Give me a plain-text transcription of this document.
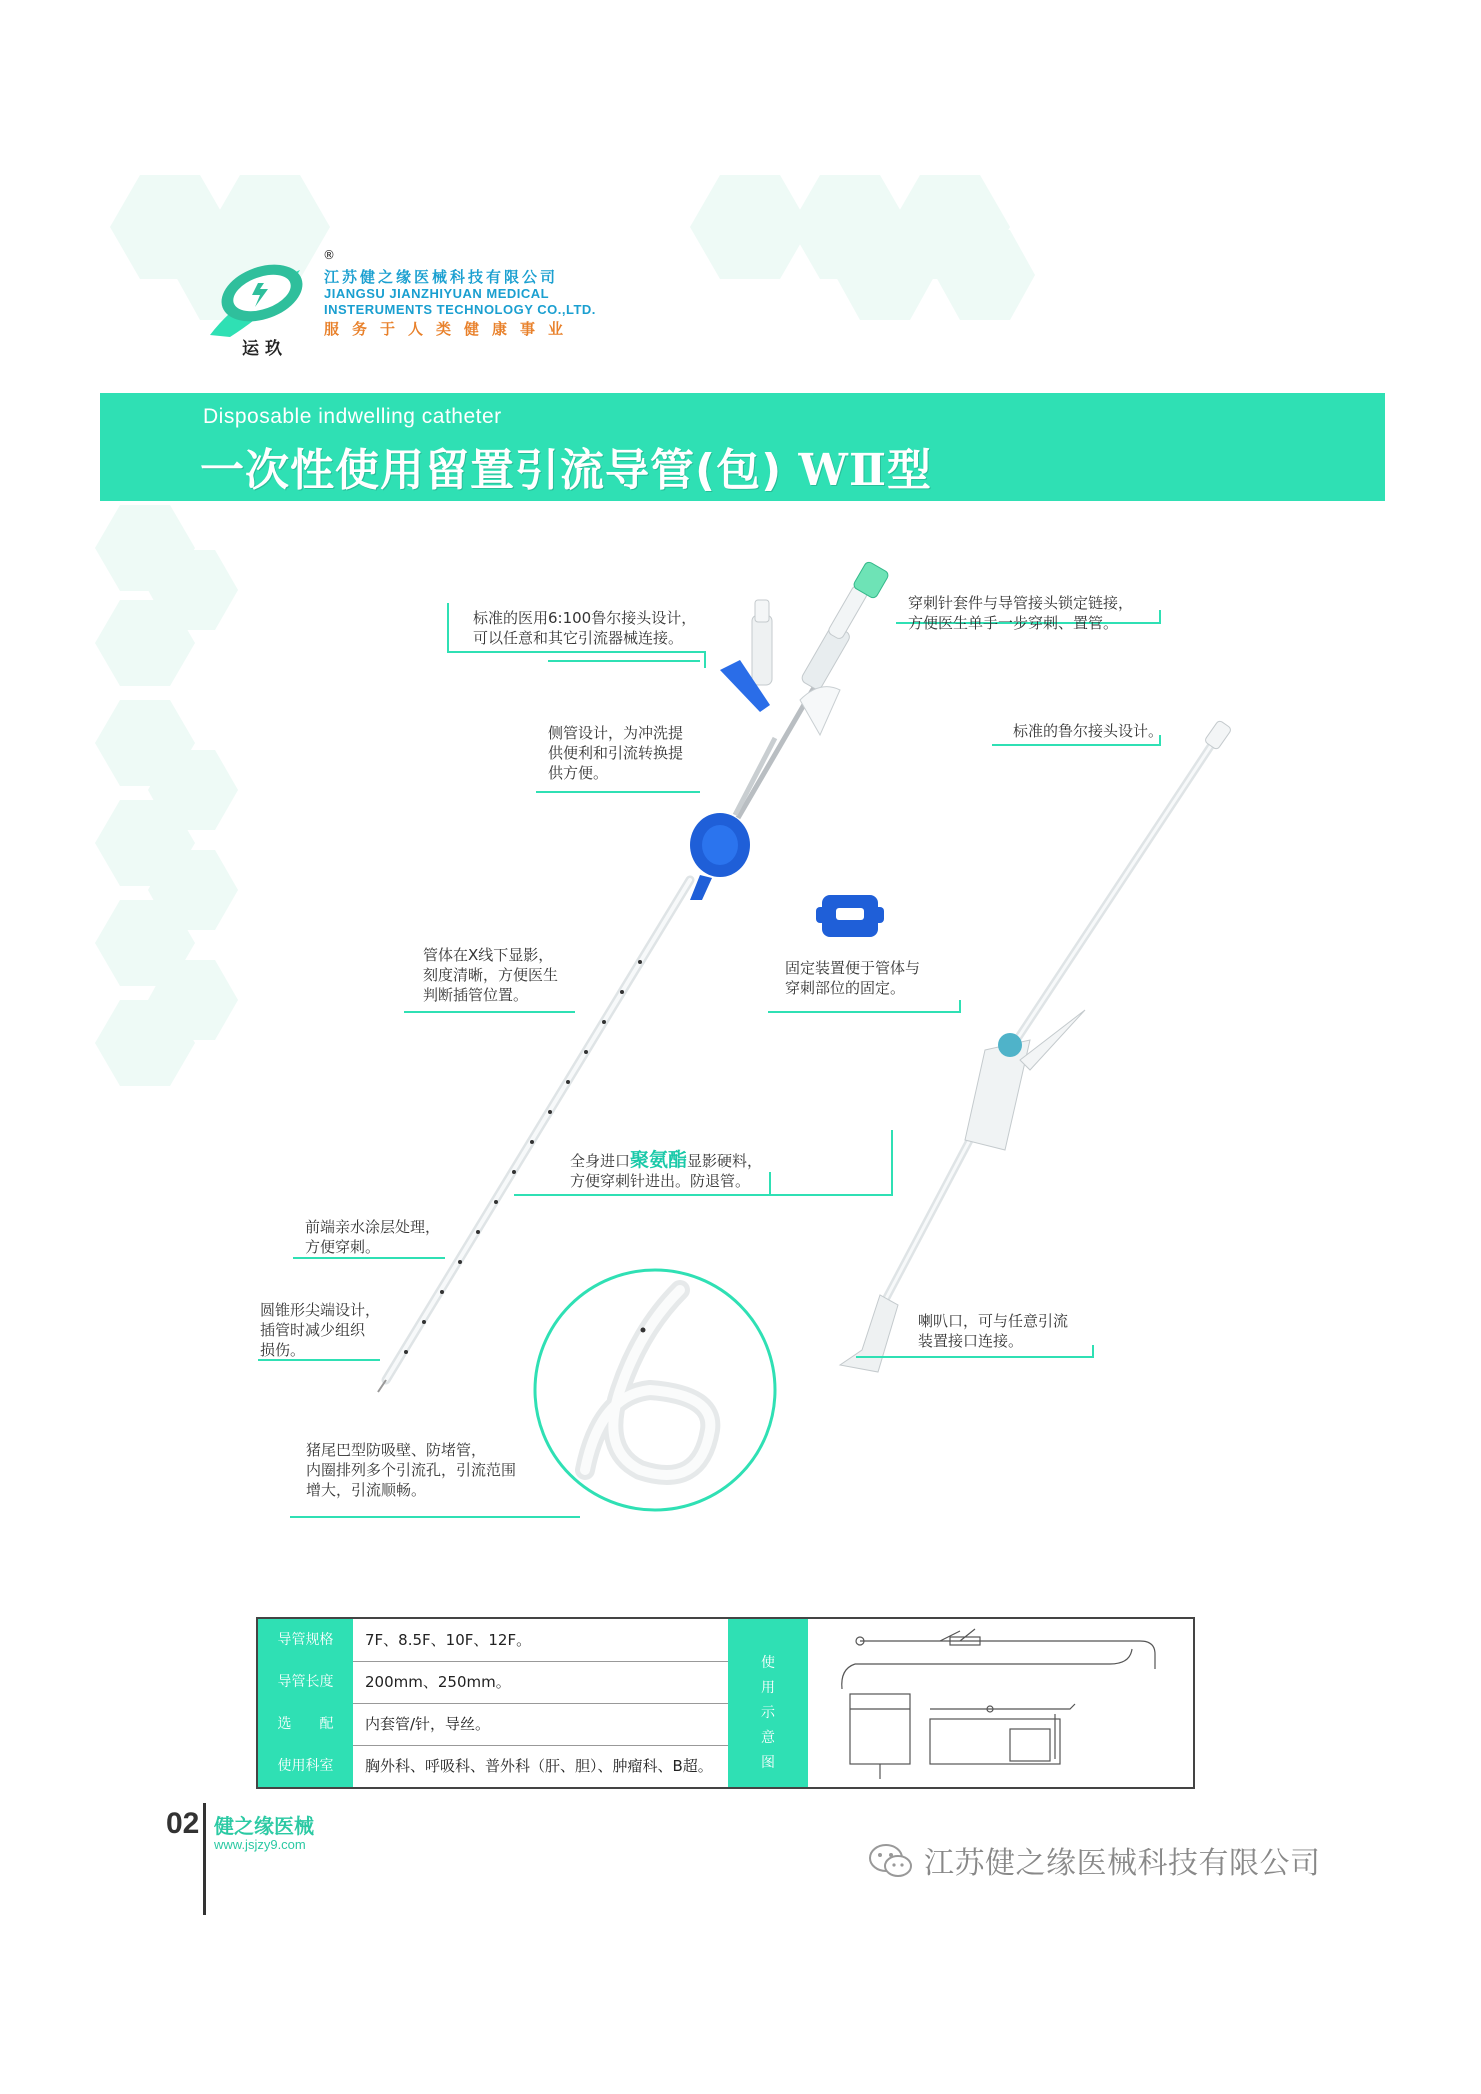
®
江苏健之缘医械科技有限公司
JIANGSU JIANZHIYUAN MEDICAL
INSTERUMENTS TECHNOLOGY CO.,LTD.
服务于人类健康事业
运玖
Disposable indwelling catheter
一次性使用留置引流导管(包) WⅡ型
标准的医用6:100鲁尔接头设计，
可以任意和其它引流器械连接。
穿刺针套件与导管接头锁定链接，
方便医生单手一步穿刺、置管。
侧管设计，为冲洗提
供便利和引流转换提
供方便。
标准的鲁尔接头设计。
管体在X线下显影，
刻度清晰，方便医生
判断插管位置。
固定装置便于管体与
穿刺部位的固定。
全身进口聚氨酯显影硬料，
方便穿刺针进出。防退管。
前端亲水涂层处理，
方便穿刺。
圆锥形尖端设计，
插管时减少组织
损伤。
喇叭口，可与任意引流
装置接口连接。
猪尾巴型防吸壁、防堵管，
内圈排列多个引流孔，引流范围
增大，引流顺畅。
导管规格	7F、8.5F、10F、12F。
导管长度	200mm、250mm。
选　　配	内套管/针，导丝。
使用科室	胸外科、呼吸科、普外科（肝、胆）、肿瘤科、B超。
使用示意图
02 健之缘医械
www.jsjzy9.com
江苏健之缘医械科技有限公司
